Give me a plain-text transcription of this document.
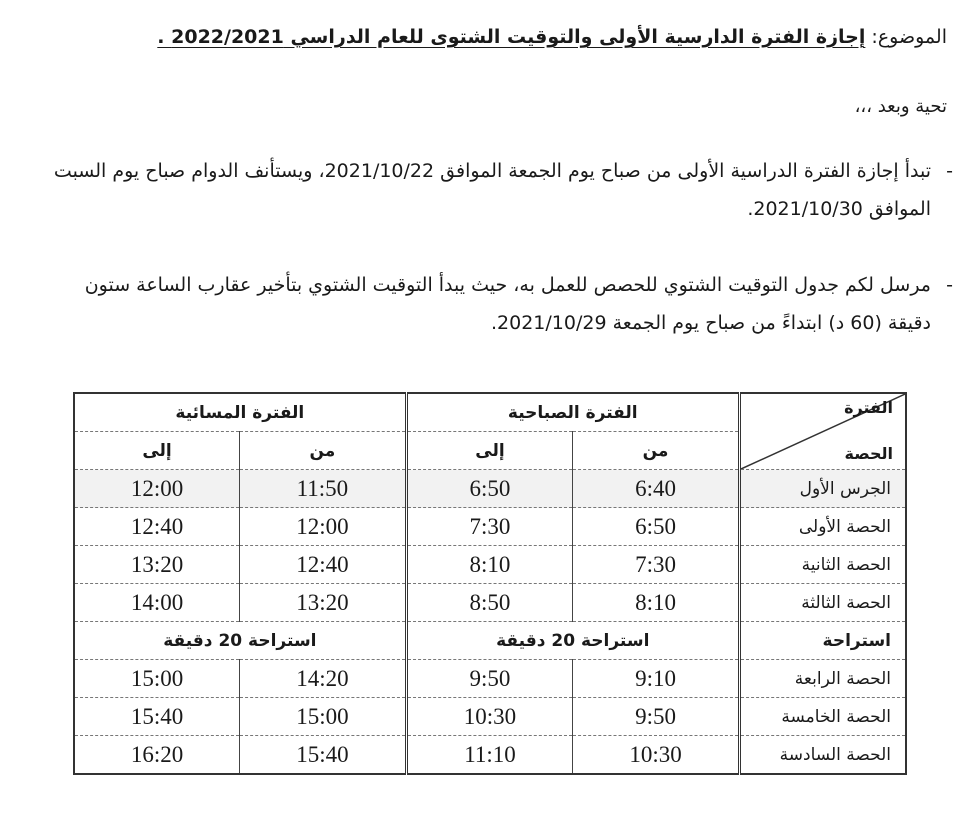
الموضوع: إجازة الفترة الدارسية الأولى والتوقيت الشتوى للعام الدراسي 2022/2021 .
تحية وبعد ،،،
-
تبدأ إجازة الفترة الدراسية الأولى من صباح يوم الجمعة الموافق 2021/10/22، ويستأنف الدوام صباح يوم السبت الموافق 2021/10/30.
-
مرسل لكم جدول التوقيت الشتوي للحصص للعمل به، حيث يبدأ التوقيت الشتوي بتأخير عقارب الساعة ستون دقيقة (60 د) ابتداءً من صباح يوم الجمعة 2021/10/29.
الفترة
الحصة	الفترة الصباحية		الفترة المسائية	
	من	إلى	من	إلى
الجرس الأول	6:40	6:50	11:50	12:00
الحصة الأولى	6:50	7:30	12:00	12:40
الحصة الثانية	7:30	8:10	12:40	13:20
الحصة الثالثة	8:10	8:50	13:20	14:00
استراحة	استراحة 20 دقيقة		استراحة 20 دقيقة	
الحصة الرابعة	9:10	9:50	14:20	15:00
الحصة الخامسة	9:50	10:30	15:00	15:40
الحصة السادسة	10:30	11:10	15:40	16:20
